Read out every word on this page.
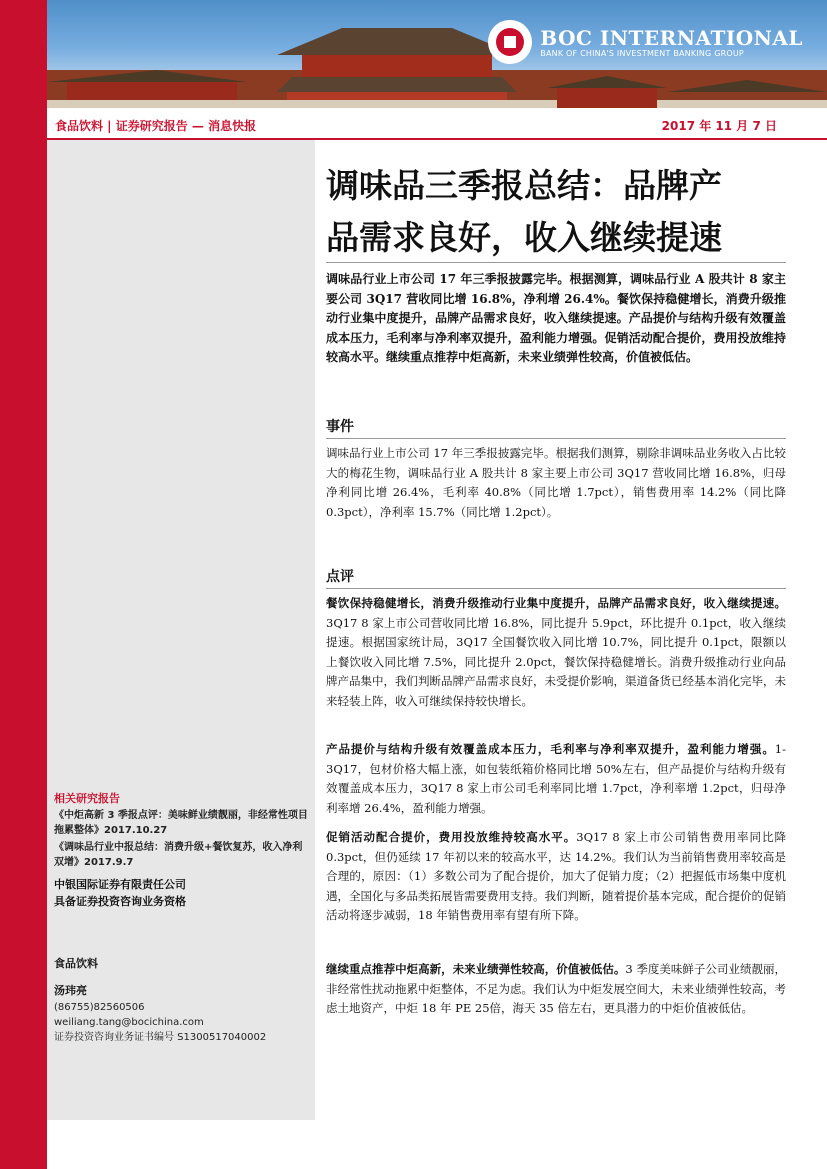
BOC INTERNATIONAL
BANK OF CHINA'S INVESTMENT BANKING GROUP
食品饮料 | 证券研究报告 — 消息快报	2017 年 11 月 7 日
相关研究报告
《中炬高新 3 季报点评：美味鲜业绩靓丽，非经常性项目拖累整体》2017.10.27
《调味品行业中报总结：消费升级+餐饮复苏，收入净利双增》2017.9.7
中银国际证券有限责任公司
具备证券投资咨询业务资格
食品饮料
汤玮亮
(86755)82560506
weiliang.tang@bocichina.com
证券投资咨询业务证书编号 S1300517040002
调味品三季报总结：品牌产
品需求良好，收入继续提速
调味品行业上市公司 17 年三季报披露完毕。根据测算，调味品行业 A 股共计 8 家主要公司 3Q17 营收同比增 16.8%，净利增 26.4%。餐饮保持稳健增长，消费升级推动行业集中度提升，品牌产品需求良好，收入继续提速。产品提价与结构升级有效覆盖成本压力，毛利率与净利率双提升，盈利能力增强。促销活动配合提价，费用投放维持较高水平。继续重点推荐中炬高新，未来业绩弹性较高，价值被低估。
事件
调味品行业上市公司 17 年三季报披露完毕。根据我们测算，剔除非调味品业务收入占比较大的梅花生物，调味品行业 A 股共计 8 家主要上市公司 3Q17 营收同比增 16.8%，归母净利同比增 26.4%，毛利率 40.8%（同比增 1.7pct），销售费用率 14.2%（同比降 0.3pct），净利率 15.7%（同比增 1.2pct）。
点评
餐饮保持稳健增长，消费升级推动行业集中度提升，品牌产品需求良好，收入继续提速。3Q17 8 家上市公司营收同比增 16.8%，同比提升 5.9pct，环比提升 0.1pct，收入继续提速。根据国家统计局，3Q17 全国餐饮收入同比增 10.7%，同比提升 0.1pct，限额以上餐饮收入同比增 7.5%，同比提升 2.0pct，餐饮保持稳健增长。消费升级推动行业向品牌产品集中，我们判断品牌产品需求良好，未受提价影响，渠道备货已经基本消化完毕，未来轻装上阵，收入可继续保持较快增长。
产品提价与结构升级有效覆盖成本压力，毛利率与净利率双提升，盈利能力增强。1-3Q17，包材价格大幅上涨，如包装纸箱价格同比增 50%左右，但产品提价与结构升级有效覆盖成本压力，3Q17 8 家上市公司毛利率同比增 1.7pct，净利率增 1.2pct，归母净利率增 26.4%，盈利能力增强。
促销活动配合提价，费用投放维持较高水平。3Q17 8 家上市公司销售费用率同比降 0.3pct，但仍延续 17 年初以来的较高水平，达 14.2%。我们认为当前销售费用率较高是合理的，原因：（1）多数公司为了配合提价，加大了促销力度；（2）把握低市场集中度机遇，全国化与多品类拓展皆需要费用支持。我们判断，随着提价基本完成，配合提价的促销活动将逐步减弱，18 年销售费用率有望有所下降。
继续重点推荐中炬高新，未来业绩弹性较高，价值被低估。3 季度美味鲜子公司业绩靓丽，非经常性扰动拖累中炬整体，不足为虑。我们认为中炬发展空间大，未来业绩弹性较高，考虑土地资产，中炬 18 年 PE 25倍，海天 35 倍左右，更具潜力的中炬价值被低估。
